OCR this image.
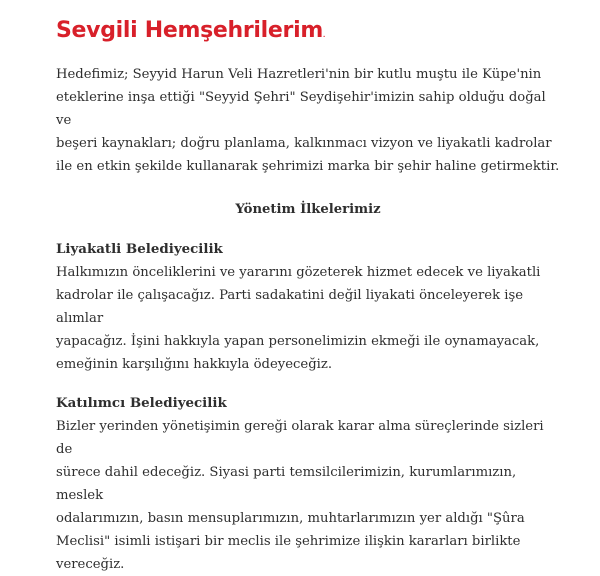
Sevgili Hemşehrilerim.

Hedefimiz; Seyyid Harun Veli Hazretleri'nin bir kutlu muştu ile Küpe'nin
eteklerine inşa ettiği "Seyyid Şehri" Seydişehir'imizin sahip olduğu doğal ve
beşeri kaynakları; doğru planlama, kalkınmacı vizyon ve liyakatli kadrolar
ile en etkin şekilde kullanarak şehrimizi marka bir şehir haline getirmektir.

Yönetim İlkelerimiz
Liyakatli Belediyecilik

Halkımızın önceliklerini ve yararını gözeterek hizmet edecek ve liyakatli
kadrolar ile çalışacağız. Parti sadakatini değil liyakati önceleyerek işe alımlar
yapacağız. İşini hakkıyla yapan personelimizin ekmeği ile oynamayacak,
emeğinin karşılığını hakkıyla ödeyeceğiz.

Katılımcı Belediyecilik

Bizler yerinden yönetişimin gereği olarak karar alma süreçlerinde sizleri de
sürece dahil edeceğiz. Siyasi parti temsilcilerimizin, kurumlarımızın, meslek
odalarımızın, basın mensuplarımızın, muhtarlarımızın yer aldığı "Şûra
Meclisi" isimli istişari bir meclis ile şehrimize ilişkin kararları birlikte
vereceğiz.
